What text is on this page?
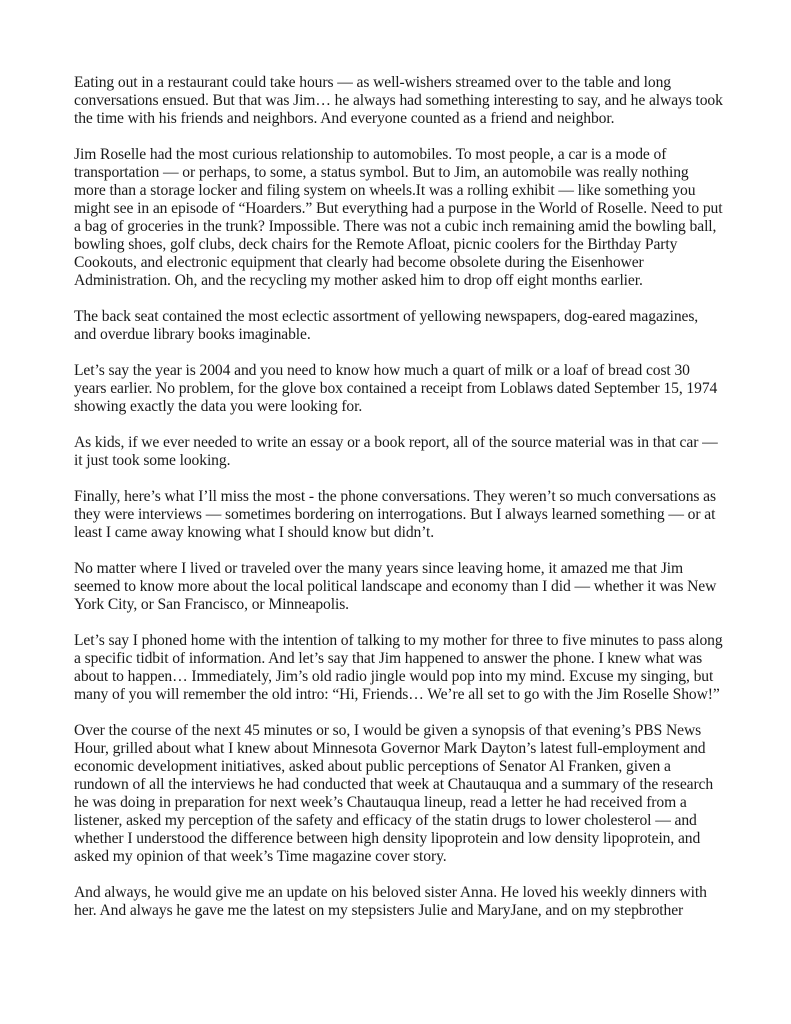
Eating out in a restaurant could take hours — as well-wishers streamed over to the table and long conversations ensued. But that was Jim… he always had something interesting to say, and he always took the time with his friends and neighbors. And everyone counted as a friend and neighbor.

Jim Roselle had the most curious relationship to automobiles. To most people, a car is a mode of transportation — or perhaps, to some, a status symbol. But to Jim, an automobile was really nothing more than a storage locker and filing system on wheels.It was a rolling exhibit — like something you might see in an episode of “Hoarders.” But everything had a purpose in the World of Roselle. Need to put a bag of groceries in the trunk? Impossible. There was not a cubic inch remaining amid the bowling ball, bowling shoes, golf clubs, deck chairs for the Remote Afloat, picnic coolers for the Birthday Party Cookouts, and electronic equipment that clearly had become obsolete during the Eisenhower Administration. Oh, and the recycling my mother asked him to drop off eight months earlier.

The back seat contained the most eclectic assortment of yellowing newspapers, dog-eared magazines, and overdue library books imaginable.

Let’s say the year is 2004 and you need to know how much a quart of milk or a loaf of bread cost 30 years earlier. No problem, for the glove box contained a receipt from Loblaws dated September 15, 1974 showing exactly the data you were looking for.

As kids, if we ever needed to write an essay or a book report, all of the source material was in that car — it just took some looking.

Finally, here’s what I’ll miss the most - the phone conversations. They weren’t so much conversations as they were interviews — sometimes bordering on interrogations. But I always learned something — or at least I came away knowing what I should know but didn’t.

No matter where I lived or traveled over the many years since leaving home, it amazed me that Jim seemed to know more about the local political landscape and economy than I did — whether it was New York City, or San Francisco, or Minneapolis.

Let’s say I phoned home with the intention of talking to my mother for three to five minutes to pass along a specific tidbit of information. And let’s say that Jim happened to answer the phone. I knew what was about to happen… Immediately, Jim’s old radio jingle would pop into my mind. Excuse my singing, but many of you will remember the old intro: “Hi, Friends… We’re all set to go with the Jim Roselle Show!”

Over the course of the next 45 minutes or so, I would be given a synopsis of that evening’s PBS News Hour, grilled about what I knew about Minnesota Governor Mark Dayton’s latest full-employment and economic development initiatives, asked about public perceptions of Senator Al Franken, given a rundown of all the interviews he had conducted that week at Chautauqua and a summary of the research he was doing in preparation for next week’s Chautauqua lineup, read a letter he had received from a listener, asked my perception of the safety and efficacy of the statin drugs to lower cholesterol — and whether I understood the difference between high density lipoprotein and low density lipoprotein, and asked my opinion of that week’s Time magazine cover story.

And always, he would give me an update on his beloved sister Anna. He loved his weekly dinners with her. And always he gave me the latest on my stepsisters Julie and MaryJane, and on my stepbrother
